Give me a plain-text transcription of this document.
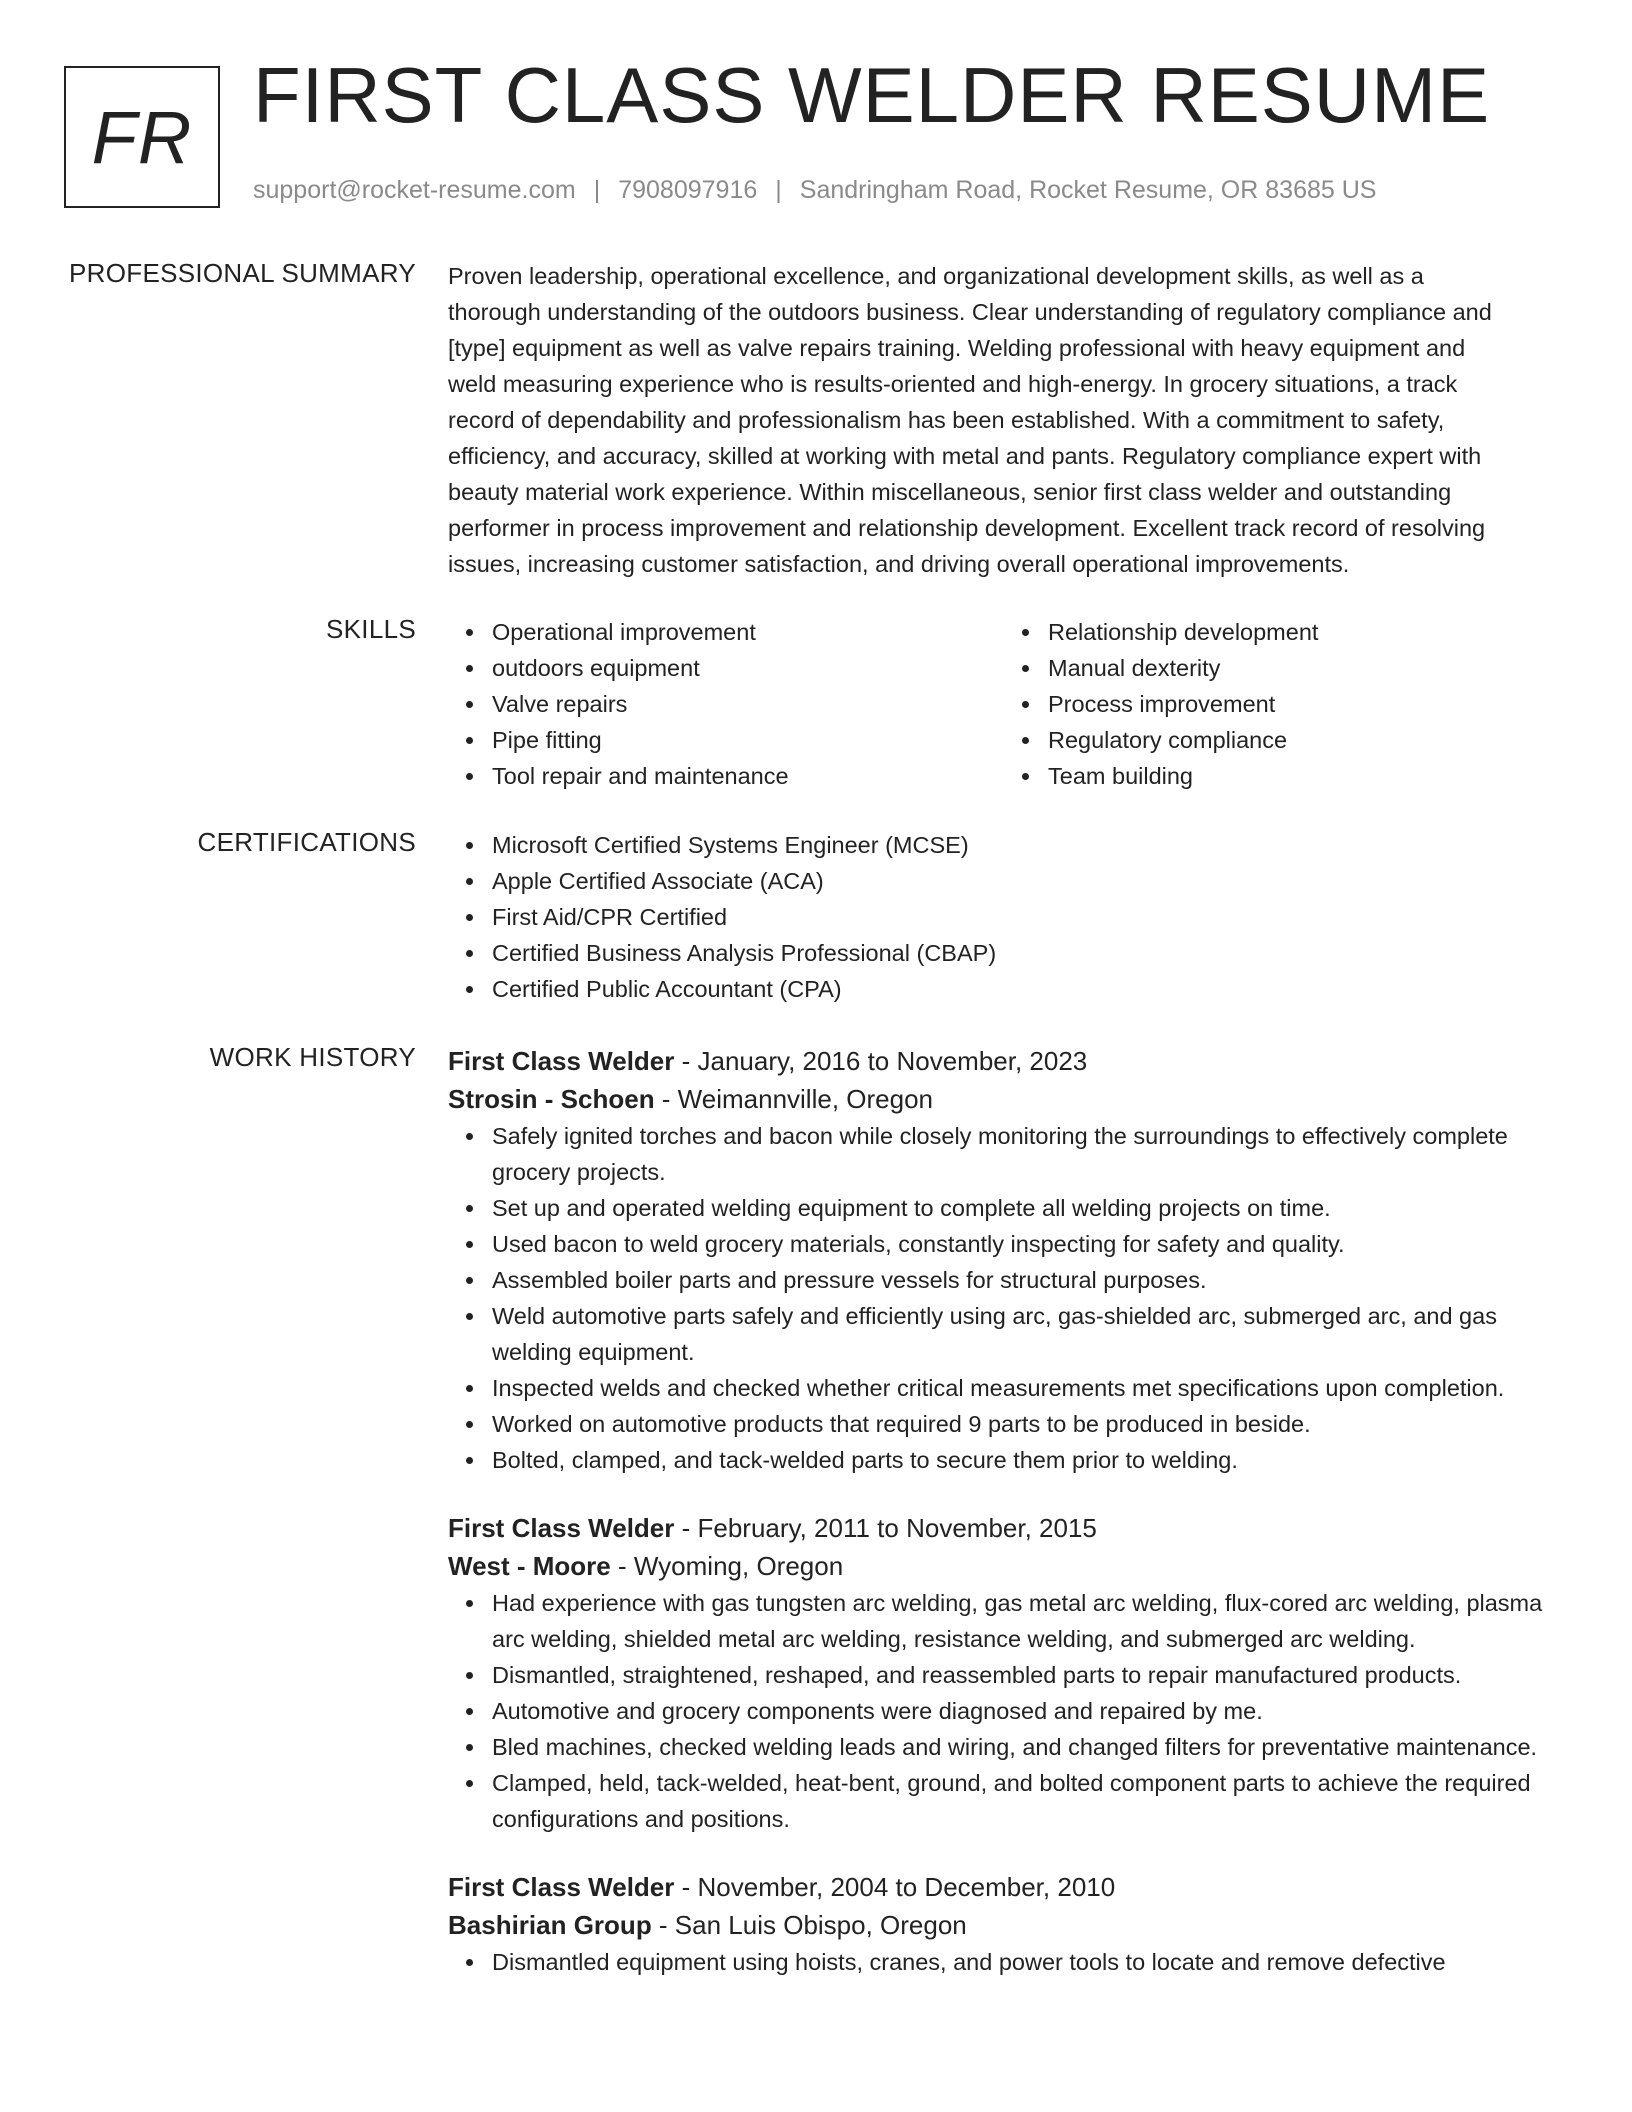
FR FIRST CLASS WELDER RESUME
support@rocket-resume.com | 7908097916 | Sandringham Road, Rocket Resume, OR 83685 US
PROFESSIONAL SUMMARY Proven leadership, operational excellence, and organizational development skills, as well as a
thorough understanding of the outdoors business. Clear understanding of regulatory compliance and
[type] equipment as well as valve repairs training. Welding professional with heavy equipment and
weld measuring experience who is results-oriented and high-energy. In grocery situations, a track
record of dependability and professionalism has been established. With a commitment to safety,
efficiency, and accuracy, skilled at working with metal and pants. Regulatory compliance expert with
beauty material work experience. Within miscellaneous, senior first class welder and outstanding
performer in process improvement and relationship development. Excellent track record of resolving
issues, increasing customer satisfaction, and driving overall operational improvements.
SKILLS	Operational improvement
outdoors equipment
Valve repairs
Pipe fitting
Tool repair and maintenance
Relationship development
Manual dexterity
Process improvement
Regulatory compliance
Team building
CERTIFICATIONS	Microsoft Certified Systems Engineer (MCSE)
Apple Certified Associate (ACA)
First Aid/CPR Certified
Certified Business Analysis Professional (CBAP)
Certified Public Accountant (CPA)
WORK HISTORY First Class Welder - January, 2016 to November, 2023
Strosin - Schoen - Weimannville, Oregon
Safely ignited torches and bacon while closely monitoring the surroundings to effectively complete grocery projects.
Set up and operated welding equipment to complete all welding projects on time.
Used bacon to weld grocery materials, constantly inspecting for safety and quality.
Assembled boiler parts and pressure vessels for structural purposes.
Weld automotive parts safely and efficiently using arc, gas-shielded arc, submerged arc, and gas welding equipment.
Inspected welds and checked whether critical measurements met specifications upon completion.
Worked on automotive products that required 9 parts to be produced in beside.
Bolted, clamped, and tack-welded parts to secure them prior to welding.
First Class Welder - February, 2011 to November, 2015
West - Moore - Wyoming, Oregon
Had experience with gas tungsten arc welding, gas metal arc welding, flux-cored arc welding, plasma arc welding, shielded metal arc welding, resistance welding, and submerged arc welding.
Dismantled, straightened, reshaped, and reassembled parts to repair manufactured products.
Automotive and grocery components were diagnosed and repaired by me.
Bled machines, checked welding leads and wiring, and changed filters for preventative maintenance.
Clamped, held, tack-welded, heat-bent, ground, and bolted component parts to achieve the required configurations and positions.
First Class Welder - November, 2004 to December, 2010
Bashirian Group - San Luis Obispo, Oregon
Dismantled equipment using hoists, cranes, and power tools to locate and remove defective
